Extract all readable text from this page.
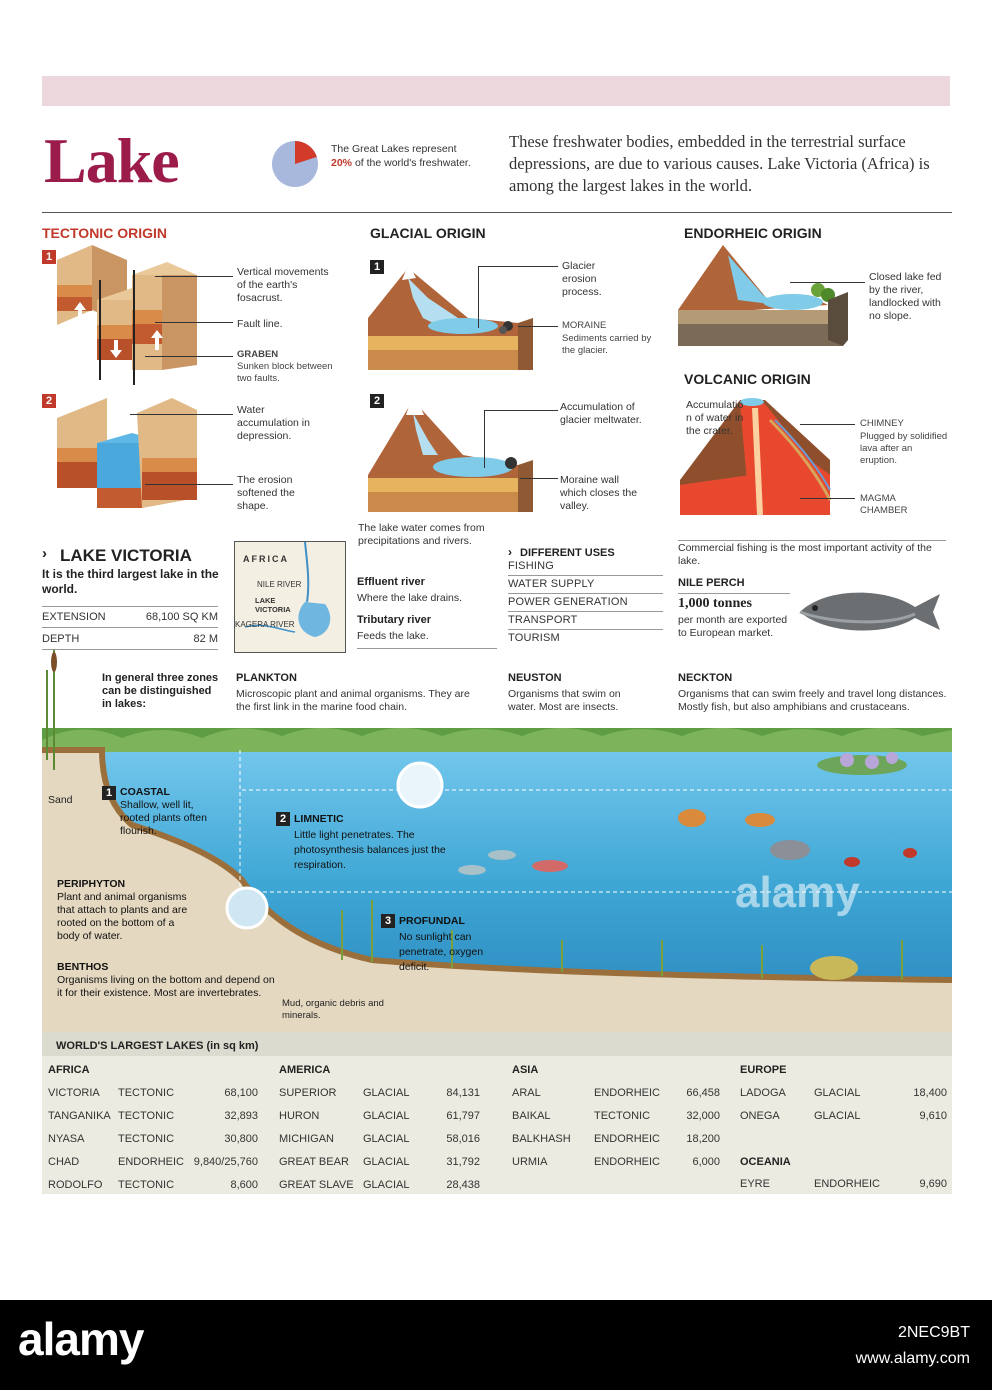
Lake	The Great Lakes represent 20% of the world's freshwater.
These freshwater bodies, embedded in the terrestrial surface depressions, are due to various causes. Lake Victoria (Africa) is among the largest lakes in the world.
TECTONIC ORIGIN
1
2
Vertical movements of the earth's fosacrust.
Fault line.
GRABEN
Sunken block between two faults.
Water accumulation in depression.
The erosion softened the shape.
GLACIAL ORIGIN
1
2
Glacier erosion process.
MORAINE
Sediments carried by the glacier.
Accumulation of glacier meltwater.
Moraine wall which closes the valley.
The lake water comes from precipitations and rivers.
ENDORHEIC ORIGIN
Closed lake fed by the river, landlocked with no slope.
VOLCANIC ORIGIN
Accumulatio n of water in the crater.
CHIMNEY
Plugged by solidified lava after an eruption.
MAGMA CHAMBER
› LAKE VICTORIA
It is the third largest lake in the world.
EXTENSION	68,100 SQ KM
DEPTH	82 M
AFRICA
NILE RIVER
LAKE VICTORIA
KAGERA RIVER
Effluent river
Where the lake drains.
Tributary river
Feeds the lake.
› DIFFERENT USES
FISHING
WATER SUPPLY
POWER GENERATION
TRANSPORT
TOURISM
Commercial fishing is the most important activity of the lake.
NILE PERCH
1,000 tonnes
per month are exported to European market.
In general three zones can be distinguished in lakes:
PLANKTON
Microscopic plant and animal organisms. They are the first link in the marine food chain.
NEUSTON
Organisms that swim on water. Most are insects.
NECKTON
Organisms that can swim freely and travel long distances. Mostly fish, but also amphibians and crustaceans.
Sand
1 COASTAL
Shallow, well lit, rooted plants often flourish.
2 LIMNETIC
Little light penetrates. The photosynthesis balances just the respiration.
3 PROFUNDAL
No sunlight can penetrate, oxygen deficit.
PERIPHYTON
Plant and animal organisms that attach to plants and are rooted on the bottom of a body of water.
BENTHOS
Organisms living on the bottom and depend on it for their existence. Most are invertebrates.
Mud, organic debris and minerals.
alamy
WORLD'S LARGEST LAKES (in sq km)
AFRICA
VICTORIA TECTONIC	68,100
TANGANIKA TECTONIC	32,893
NYASA	TECTONIC	30,800
CHAD	ENDORHEIC 9,840/25,760
RODOLFO TECTONIC	8,600
AMERICA
SUPERIOR GLACIAL	84,131
HURON	GLACIAL	61,797
MICHIGAN	GLACIAL	58,016
GREAT BEAR GLACIAL	31,792
GREAT SLAVE GLACIAL	28,438
ASIA
ARAL	ENDORHEIC	66,458
BAIKAL	TECTONIC	32,000
BALKHASH ENDORHEIC	18,200
URMIA	ENDORHEIC	6,000
EUROPE
LADOGA	GLACIAL	18,400
ONEGA	GLACIAL	9,610
OCEANIA
EYRE	ENDORHEIC	9,690
alamy	2NEC9BT
www.alamy.com
